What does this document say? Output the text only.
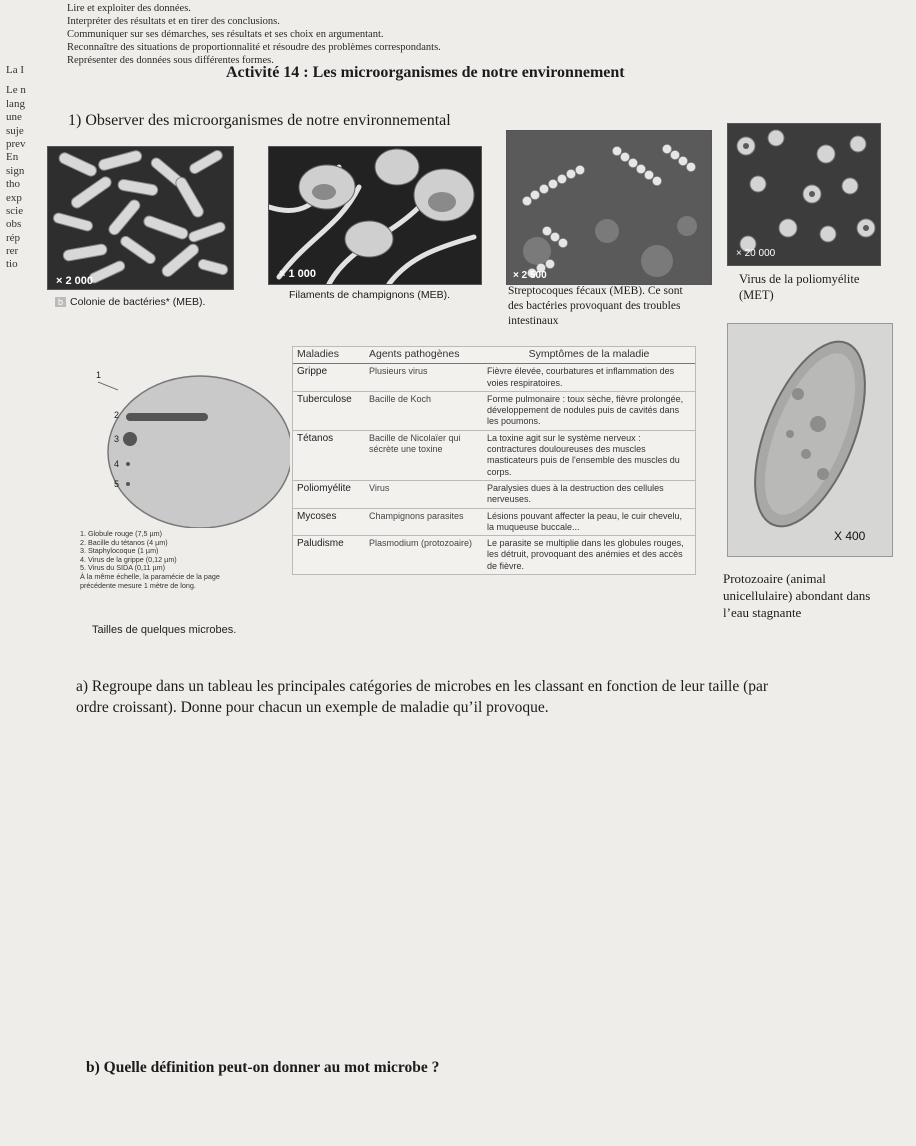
Lire et exploiter des données.
Interpréter des résultats et en tirer des conclusions.
Communiquer sur ses démarches, ses résultats et ses choix en argumentant.
Reconnaître des situations de proportionnalité et résoudre des problèmes correspondants.
Représenter des données sous différentes formes.
La I
Le n
lang
une
suje
prev
En
sign
tho
exp
scie
obs
rép
rer
tio
Activité 14 : Les microorganismes de notre environnement
1) Observer des microorganismes de notre environnemental
× 2 000
b Colonie de bactéries* (MEB).
× 1 000
Filaments de champignons (MEB).
× 2 500
Streptocoques fécaux (MEB). Ce sont
des bactéries provoquant des troubles
intestinaux
× 20 000
Virus de la poliomyélite
(MET)
X 400
Protozoaire (animal
unicellulaire) abondant dans
l’eau stagnante
1
2
3
4
5
1. Globule rouge (7,5 µm)
2. Bacille du tétanos (4 µm)
3. Staphylocoque (1 µm)
4. Virus de la grippe (0,12 µm)
5. Virus du SIDA (0,11 µm)
À la même échelle, la paramécie de la page
précédente mesure 1 mètre de long.
Tailles de quelques microbes.
Maladies	Agents pathogènes	Symptômes de la maladie
Grippe	Plusieurs virus	Fièvre élevée, courbatures et inflammation des voies respiratoires.
Tuberculose	Bacille de Koch	Forme pulmonaire : toux sèche, fièvre prolongée, développement de nodules puis de cavités dans les poumons.
Tétanos	Bacille de Nicolaïer qui sécrète une toxine	La toxine agit sur le système nerveux : contractures douloureuses des muscles masticateurs puis de l'ensemble des muscles du corps.
Poliomyélite	Virus	Paralysies dues à la destruction des cellules nerveuses.
Mycoses	Champignons parasites	Lésions pouvant affecter la peau, le cuir chevelu, la muqueuse buccale...
Paludisme	Plasmodium (protozoaire)	Le parasite se multiplie dans les globules rouges, les détruit, provoquant des anémies et des accès de fièvre.
a) Regroupe dans un tableau les principales catégories de microbes en les classant en fonction de leur taille (par ordre croissant). Donne pour chacun un exemple de maladie qu’il provoque.
b) Quelle définition peut-on donner au mot microbe ?
